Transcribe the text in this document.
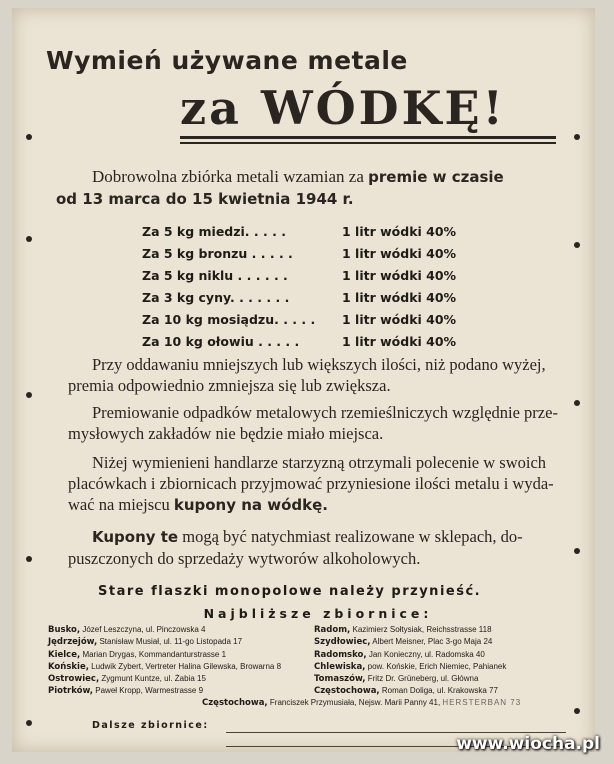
Wymień używane metale
za WÓDKĘ!
Dobrowolna zbiórka metali wzamian za premie w czasie
od 13 marca do 15 kwietnia 1944 r.
Za 5 kg miedzi. . . . .	1 litr wódki 40%
Za 5 kg bronzu . . . . .	1 litr wódki 40%
Za 5 kg niklu . . . . . .	1 litr wódki 40%
Za 3 kg cyny. . . . . . .	1 litr wódki 40%
Za 10 kg mosiądzu. . . . .	1 litr wódki 40%
Za 10 kg ołowiu . . . . .	1 litr wódki 40%
Przy oddawaniu mniejszych lub większych ilości, niż podano wyżej,
premia odpowiednio zmniejsza się lub zwiększa.
Premiowanie odpadków metalowych rzemieślniczych względnie prze-
mysłowych zakładów nie będzie miało miejsca.
Niżej wymienieni handlarze starzyzną otrzymali polecenie w swoich
placówkach i zbiornicach przyjmować przyniesione ilości metalu i wyda-
wać na miejscu kupony na wódkę.
Kupony te mogą być natychmiast realizowane w sklepach, do-
puszczonych do sprzedaży wytworów alkoholowych.
Stare flaszki monopolowe należy przynieść.
Najbliższe zbiornice:
Busko, Józef Leszczyna, ul. Pinczowska 4
Jędrzejów, Stanisław Musiał, ul. 11-go Listopada 17
Kielce, Marian Drygas, Kommandanturstrasse 1
Końskie, Ludwik Zybert, Vertreter Halina Gilewska, Browarna 8
Ostrowiec, Zygmunt Kuntze, ul. Żabia 15
Piotrków, Paweł Kropp, Warmestrasse 9
Radom, Kazimierz Sołtysiak, Reichsstrasse 118
Szydłowiec, Albert Meisner, Plac 3-go Maja 24
Radomsko, Jan Konieczny, ul. Radomska 40
Chlewiska, pow. Końskie, Erich Niemiec, Pahianek
Tomaszów, Fritz Dr. Grüneberg, ul. Główna
Częstochowa, Roman Doliga, ul. Krakowska 77
Częstochowa, Franciszek Przymusiała, Nejsw. Marii Panny 41, HERSTERBAN 73
Dalsze zbiornice:
www.wiocha.pl
